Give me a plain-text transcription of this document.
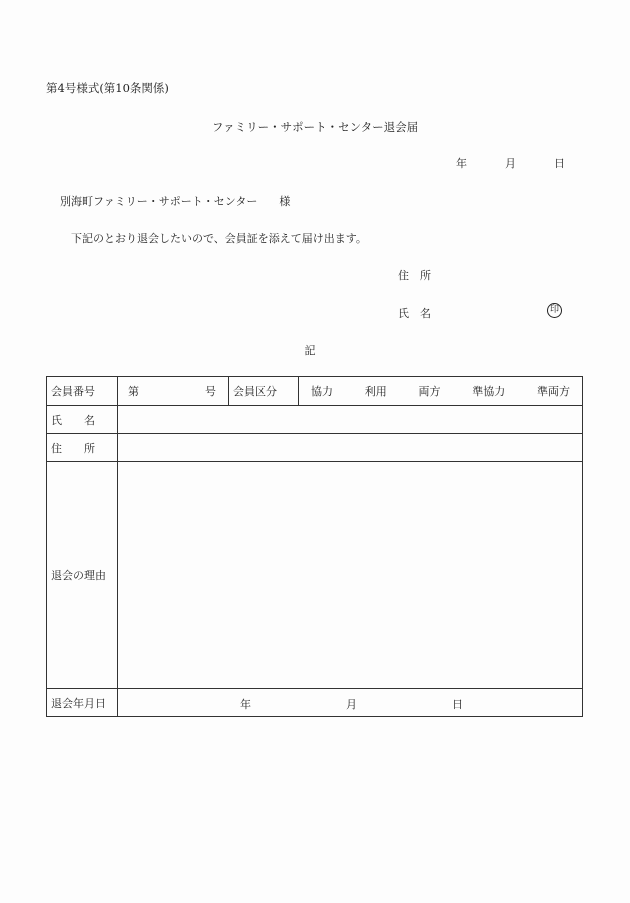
第4号様式(第10条関係)
ファミリー・サポート・センター退会届
年	月	日
別海町ファミリー・サポート・センター　　様
下記のとおり退会したいので、会員証を添えて届け出ます。
住　所
氏　名	印
記
会員番号	第 号	会員区分	協力 利用 両方 準協力 準両方

氏　　名			
住　　所			
退会の理由			
退会年月日	年 月 日		
